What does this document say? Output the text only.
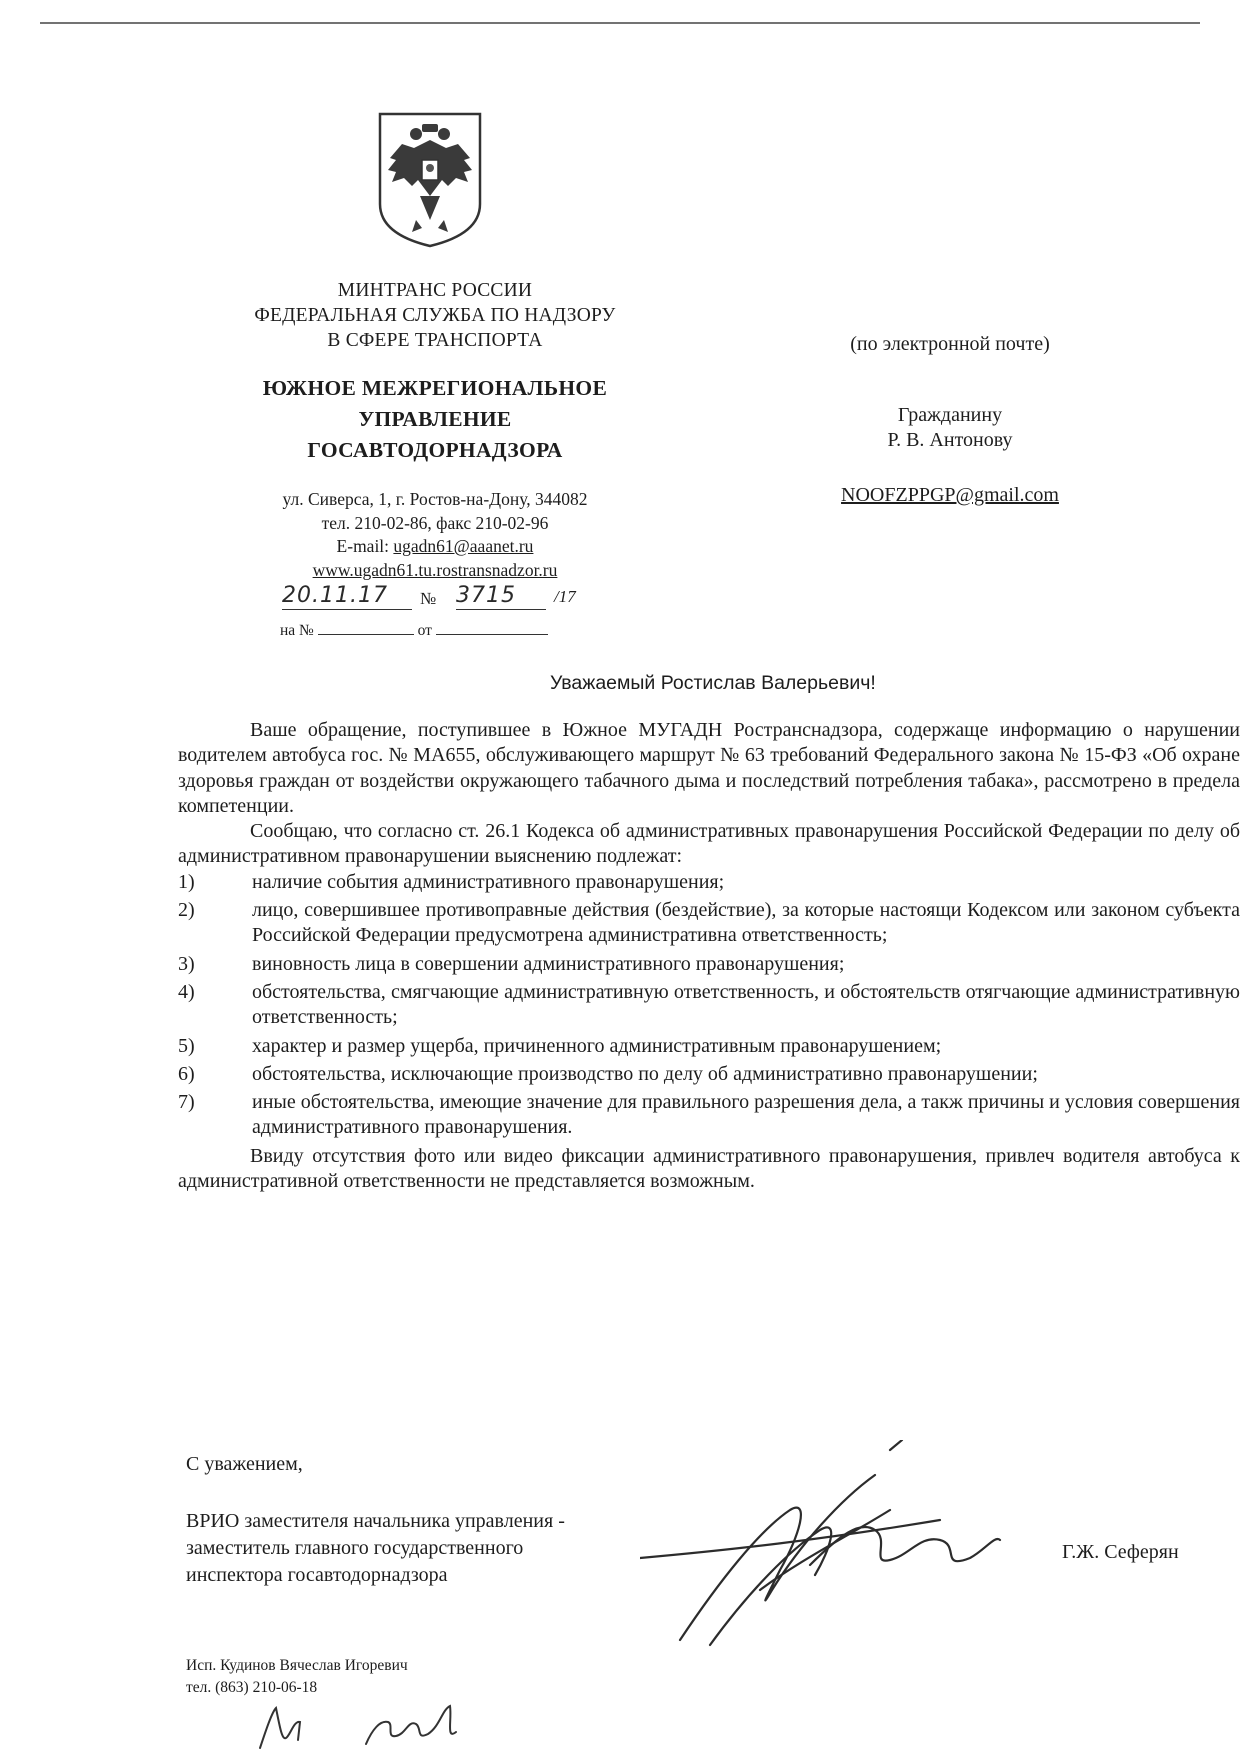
МИНТРАНС РОССИИ
ФЕДЕРАЛЬНАЯ СЛУЖБА ПО НАДЗОРУ
В СФЕРЕ ТРАНСПОРТА
ЮЖНОЕ МЕЖРЕГИОНАЛЬНОЕ
УПРАВЛЕНИЕ
ГОСАВТОДОРНАДЗОРА
ул. Сиверса, 1, г. Ростов-на-Дону, 344082
тел. 210-02-86, факс 210-02-96
E-mail: ugadn61@aaanet.ru
www.ugadn61.tu.rostransnadzor.ru
20.11.17	№ 3715	/17
на №	от
(по электронной почте)
Гражданину
Р. В. Антонову
NOOFZPPGP@gmail.com
Уважаемый Ростислав Валерьевич!

Ваше обращение, поступившее в Южное МУГАДН Ространснадзора, содержаще информацию о нарушении водителем автобуса гос. № МА655, обслуживающего маршрут № 63 требований Федерального закона № 15-ФЗ «Об охране здоровья граждан от воздействи окружающего табачного дыма и последствий потребления табака», рассмотрено в предела компетенции.

Сообщаю, что согласно ст. 26.1 Кодекса об административных правонарушения Российской Федерации по делу об административном правонарушении выяснению подлежат:

1)	наличие события административного правонарушения;
2)	лицо, совершившее противоправные действия (бездействие), за которые настоящи Кодексом или законом субъекта Российской Федерации предусмотрена административна ответственность;
3)	виновность лица в совершении административного правонарушения;
4)	обстоятельства, смягчающие административную ответственность, и обстоятельств отягчающие административную ответственность;
5)	характер и размер ущерба, причиненного административным правонарушением;
6)	обстоятельства, исключающие производство по делу об административно правонарушении;
7)	иные обстоятельства, имеющие значение для правильного разрешения дела, а такж причины и условия совершения административного правонарушения.

Ввиду отсутствия фото или видео фиксации административного правонарушения, привлеч водителя автобуса к административной ответственности не представляется возможным.

С уважением,
ВРИО заместителя начальника управления -
заместитель главного государственного
инспектора госавтодорнадзора
Г.Ж. Сеферян
Исп. Кудинов Вячеслав Игоревич
тел. (863) 210-06-18
